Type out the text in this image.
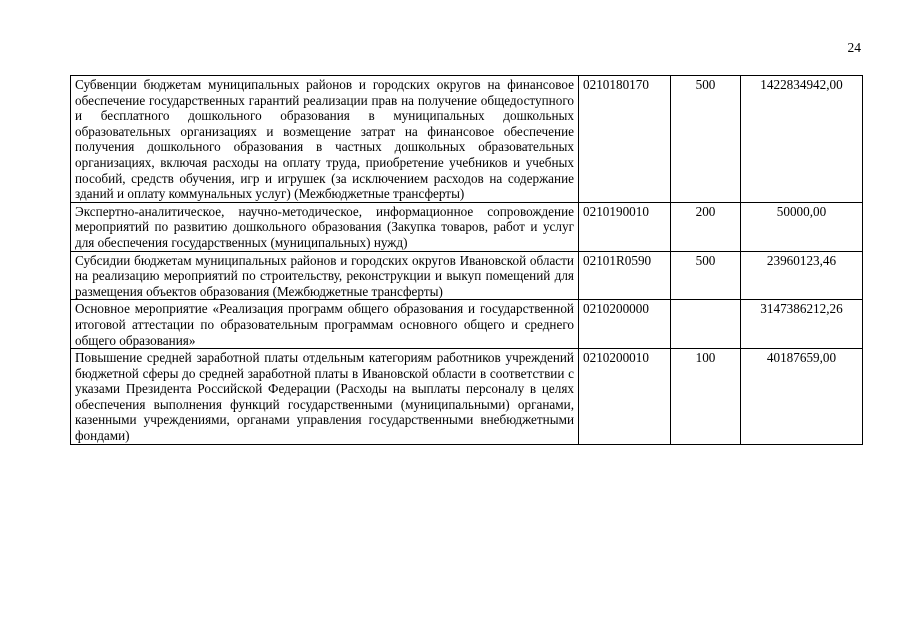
24
Субвенции бюджетам муниципальных районов и городских округов на финансовое обеспечение государственных гарантий реализации прав на получение общедоступного и бесплатного дошкольного образования в муниципальных дошкольных образовательных организациях и возмещение затрат на финансовое обеспечение получения дошкольного образования в частных дошкольных образовательных организациях, включая расходы на оплату труда, приобретение учебников и учебных пособий, средств обучения, игр и игрушек (за исключением расходов на содержание зданий и оплату коммунальных услуг) (Межбюджетные трансферты)	0210180170	500	1422834942,00
Экспертно-аналитическое, научно-методическое, информационное сопровождение мероприятий по развитию дошкольного образования (Закупка товаров, работ и услуг для обеспечения государственных (муниципальных) нужд)	0210190010	200	50000,00
Субсидии бюджетам муниципальных районов и городских округов Ивановской области на реализацию мероприятий по строительству, реконструкции и выкуп помещений для размещения объектов образования (Межбюджетные трансферты)	02101R0590	500	23960123,46
Основное мероприятие «Реализация программ общего образования и государственной итоговой аттестации по образовательным программам основного общего и среднего общего образования»	0210200000		3147386212,26
Повышение средней заработной платы отдельным категориям работников учреждений бюджетной сферы до средней заработной платы в Ивановской области в соответствии с указами Президента Российской Федерации (Расходы на выплаты персоналу в целях обеспечения выполнения функций государственными (муниципальными) органами, казенными учреждениями, органами управления государственными внебюджетными фондами)	0210200010	100	40187659,00
